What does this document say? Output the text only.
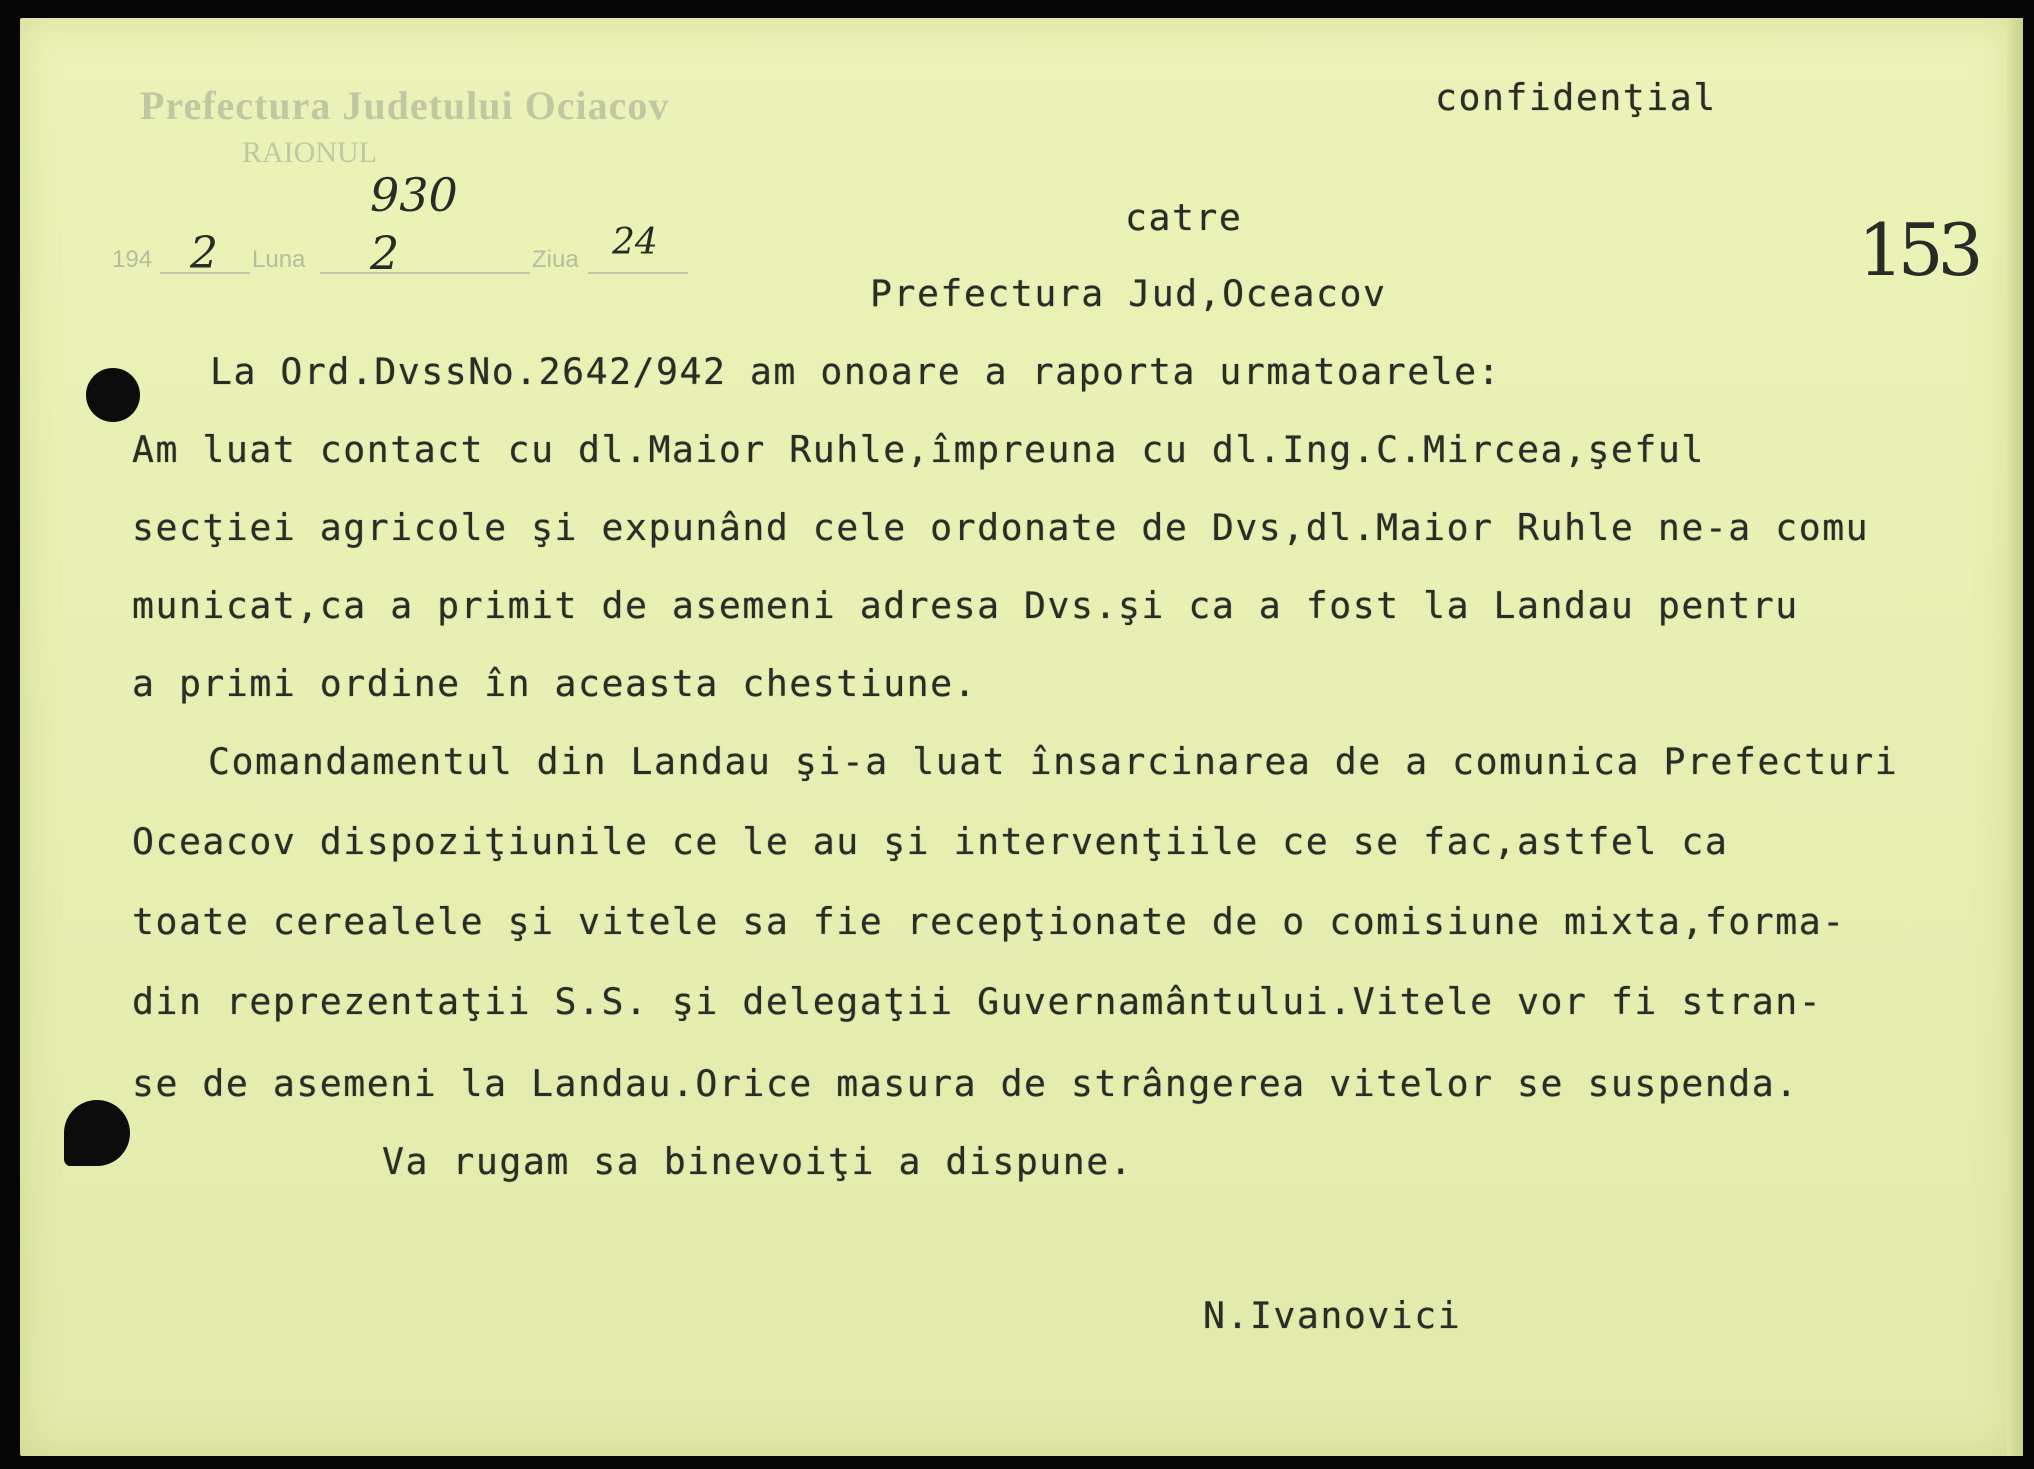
Prefectura Judetului Ociacov
RAIONUL
194	Luna	Ziua
930
2	2	24	153
confidenţial
catre
Prefectura Jud,Oceacov
La Ord.DvssNo.2642/942 am onoare a raporta urmatoarele:
Am luat contact cu dl.Maior Ruhle,împreuna cu dl.Ing.C.Mircea,şeful
secţiei agricole şi expunând cele ordonate de Dvs,dl.Maior Ruhle ne-a comu
municat,ca a primit de asemeni adresa Dvs.şi ca a fost la Landau pentru
a primi ordine în aceasta chestiune.
Comandamentul din Landau şi-a luat însarcinarea de a comunica Prefecturi
Oceacov dispoziţiunile ce le au şi intervenţiile ce se fac,astfel ca
toate cerealele şi vitele sa fie recepţionate de o comisiune mixta,forma-
din reprezentaţii S.S. şi delegaţii Guvernamântului.Vitele vor fi stran-
se de asemeni la Landau.Orice masura de strângerea vitelor se suspenda.
Va rugam sa binevoiţi a dispune.
N.Ivanovici
